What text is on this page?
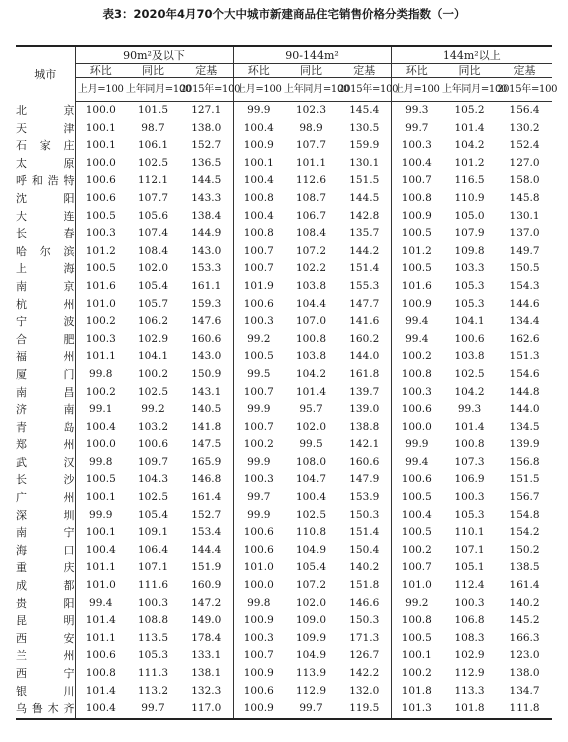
表3：2020年4月70个大中城市新建商品住宅销售价格分类指数（一）
城市	90m²及以下			90-144m²			144m²以上		
	环比	同比	定基	环比	同比	定基	环比	同比	定基
	上月=100	上年同月=100	2015年=100	上月=100	上年同月=100	2015年=100	上月=100	上年同月=100	2015年=100
北京	100.0	101.5	127.1	99.9	102.3	145.4	99.3	105.2	156.4
天津	100.1	98.7	138.0	100.4	98.9	130.5	99.7	101.4	130.2
石家庄	100.1	106.1	152.7	100.9	107.7	159.9	100.3	104.2	152.4
太原	100.0	102.5	136.5	100.1	101.1	130.1	100.4	101.2	127.0
呼和浩特	100.6	112.1	144.5	100.4	112.6	151.5	100.7	116.5	158.0
沈阳	100.6	107.7	143.3	100.8	108.7	144.5	100.8	110.9	145.8
大连	100.5	105.6	138.4	100.4	106.7	142.8	100.9	105.0	130.1
长春	100.3	107.4	144.9	100.8	108.4	135.7	100.5	107.9	137.0
哈尔滨	101.2	108.4	143.0	100.7	107.2	144.2	101.2	109.8	149.7
上海	100.5	102.0	153.3	100.7	102.2	151.4	100.5	103.3	150.5
南京	101.6	105.4	161.1	101.9	103.8	155.3	101.6	105.3	154.3
杭州	101.0	105.7	159.3	100.6	104.4	147.7	100.9	105.3	144.6
宁波	100.2	106.2	147.6	100.3	107.0	141.6	99.4	104.1	134.4
合肥	100.3	102.9	160.6	99.2	100.8	160.2	99.4	100.6	162.6
福州	101.1	104.1	143.0	100.5	103.8	144.0	100.2	103.8	151.3
厦门	99.8	100.2	150.9	99.5	104.2	161.8	100.8	102.5	154.6
南昌	100.2	102.5	143.1	100.7	101.4	139.7	100.3	104.2	144.8
济南	99.1	99.2	140.5	99.9	95.7	139.0	100.6	99.3	144.0
青岛	100.4	103.2	141.8	100.7	102.0	138.8	100.0	101.4	134.5
郑州	100.0	100.6	147.5	100.2	99.5	142.1	99.9	100.8	139.9
武汉	99.8	109.7	165.9	99.9	108.0	160.6	99.4	107.3	156.8
长沙	100.5	104.3	146.8	100.3	104.7	147.9	100.6	106.9	151.5
广州	100.1	102.5	161.4	99.7	100.4	153.9	100.5	100.3	156.7
深圳	99.9	105.4	152.7	99.9	102.5	150.3	100.4	105.3	154.8
南宁	100.1	109.1	153.4	100.6	110.8	151.4	100.5	110.1	154.2
海口	100.4	106.4	144.4	100.6	104.9	150.4	100.2	107.1	150.2
重庆	101.1	107.1	151.9	101.0	105.4	140.2	100.7	105.1	138.5
成都	101.0	111.6	160.9	100.0	107.2	151.8	101.0	112.4	161.4
贵阳	99.4	100.3	147.2	99.8	102.0	146.6	99.2	100.3	140.2
昆明	101.4	108.8	149.0	100.9	109.0	150.3	100.8	106.8	145.2
西安	101.1	113.5	178.4	100.3	109.9	171.3	100.5	108.3	166.3
兰州	100.6	105.3	133.1	100.7	104.9	126.7	100.1	102.9	123.0
西宁	100.8	111.3	138.1	100.9	113.9	142.2	100.2	112.9	138.0
银川	101.4	113.2	132.3	100.6	112.9	132.0	101.8	113.3	134.7
乌鲁木齐	100.4	99.7	117.0	100.9	99.7	119.5	101.3	101.8	111.8
